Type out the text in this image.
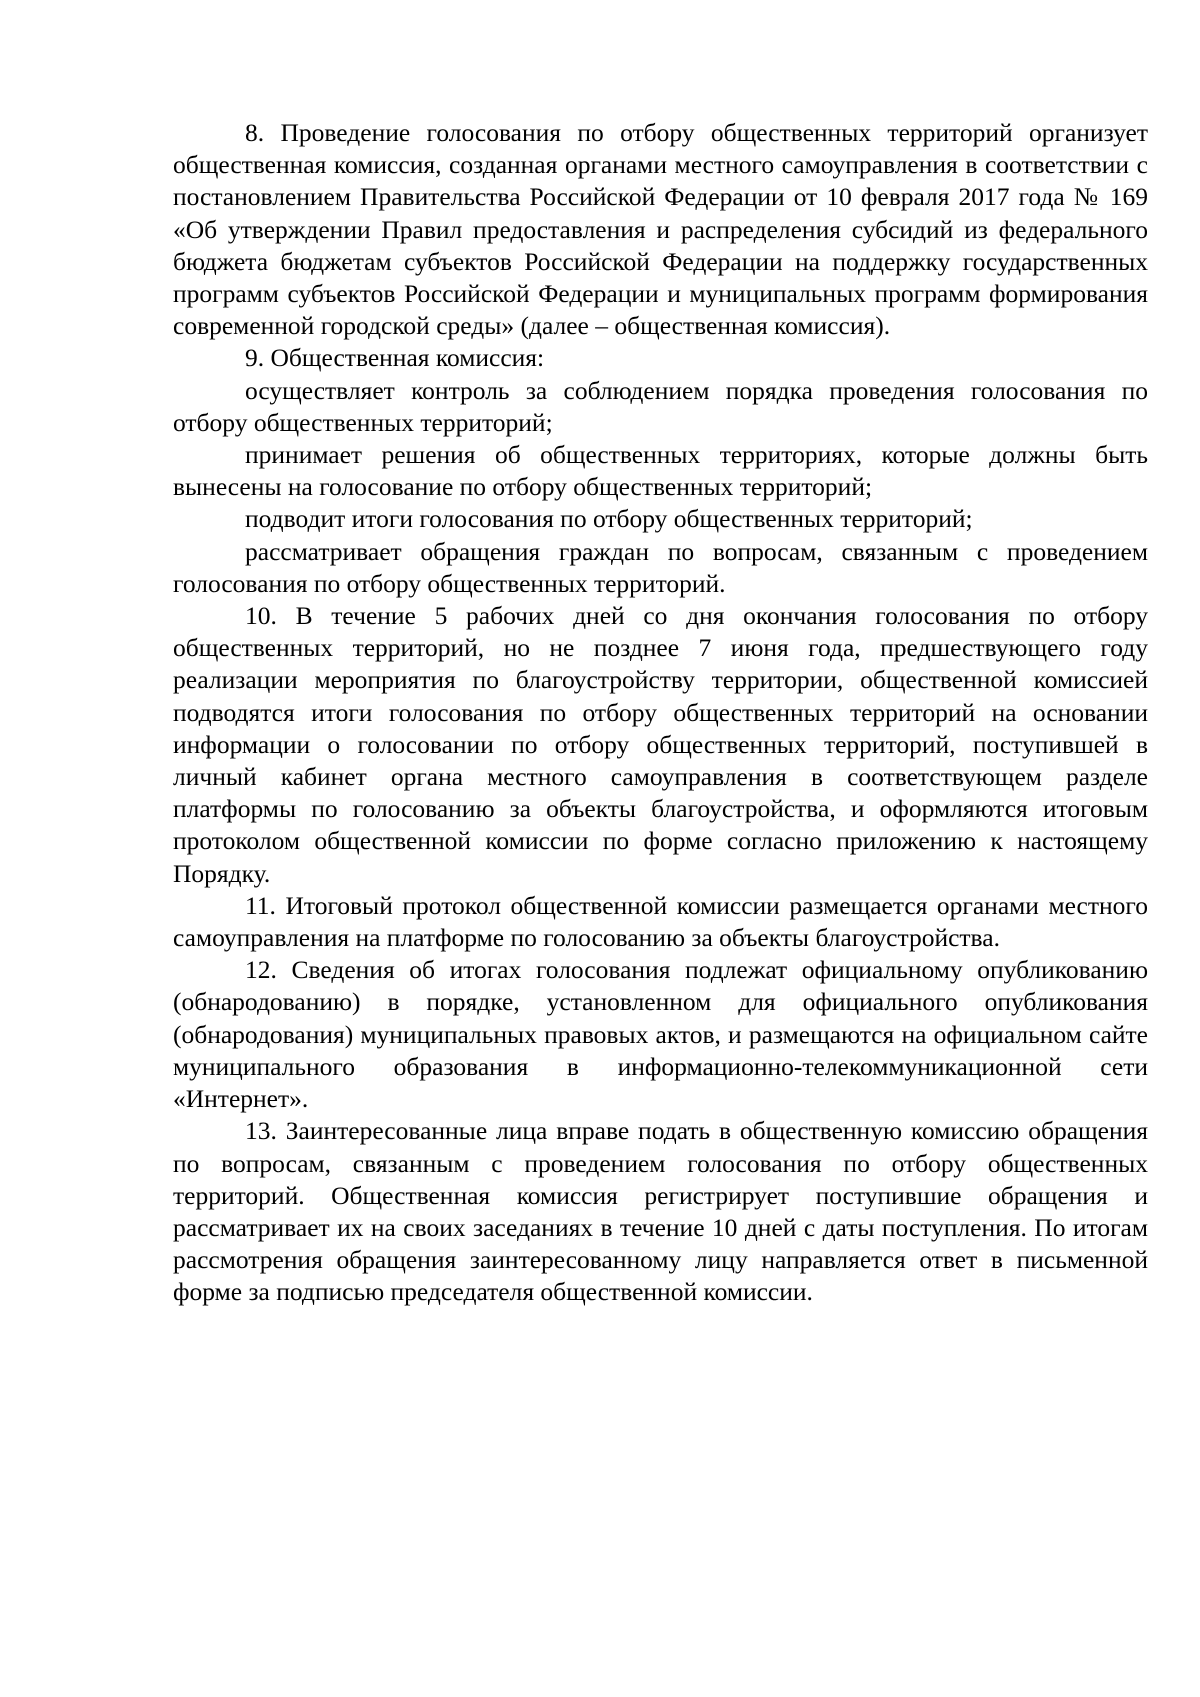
8. Проведение голосования по отбору общественных территорий организует общественная комиссия, созданная органами местного самоуправления в соответствии с постановлением Правительства Российской Федерации от 10 февраля 2017 года № 169 «Об утверждении Правил предоставления и распределения субсидий из федерального бюджета бюджетам субъектов Российской Федерации на поддержку государственных программ субъектов Российской Федерации и муниципальных программ формирования современной городской среды» (далее – общественная комиссия).

9. Общественная комиссия:

осуществляет контроль за соблюдением порядка проведения голосования по отбору общественных территорий;

принимает решения об общественных территориях, которые должны быть вынесены на голосование по отбору общественных территорий;

подводит итоги голосования по отбору общественных территорий;

рассматривает обращения граждан по вопросам, связанным с проведением голосования по отбору общественных территорий.

10. В течение 5 рабочих дней со дня окончания голосования по отбору общественных территорий, но не позднее 7 июня года, предшествующего году реализации мероприятия по благоустройству территории, общественной комиссией подводятся итоги голосования по отбору общественных территорий на основании информации о голосовании по отбору общественных территорий, поступившей в личный кабинет органа местного самоуправления в соответствующем разделе платформы по голосованию за объекты благоустройства, и оформляются итоговым протоколом общественной комиссии по форме согласно приложению к настоящему Порядку.

11. Итоговый протокол общественной комиссии размещается органами местного самоуправления на платформе по голосованию за объекты благоустройства.

12. Сведения об итогах голосования подлежат официальному опубликованию (обнародованию) в порядке, установленном для официального опубликования (обнародования) муниципальных правовых актов, и размещаются на официальном сайте муниципального образования в информационно-телекоммуникационной сети «Интернет».

13. Заинтересованные лица вправе подать в общественную комиссию обращения по вопросам, связанным с проведением голосования по отбору общественных территорий. Общественная комиссия регистрирует поступившие обращения и рассматривает их на своих заседаниях в течение 10 дней с даты поступления. По итогам рассмотрения обращения заинтересованному лицу направляется ответ в письменной форме за подписью председателя общественной комиссии.
